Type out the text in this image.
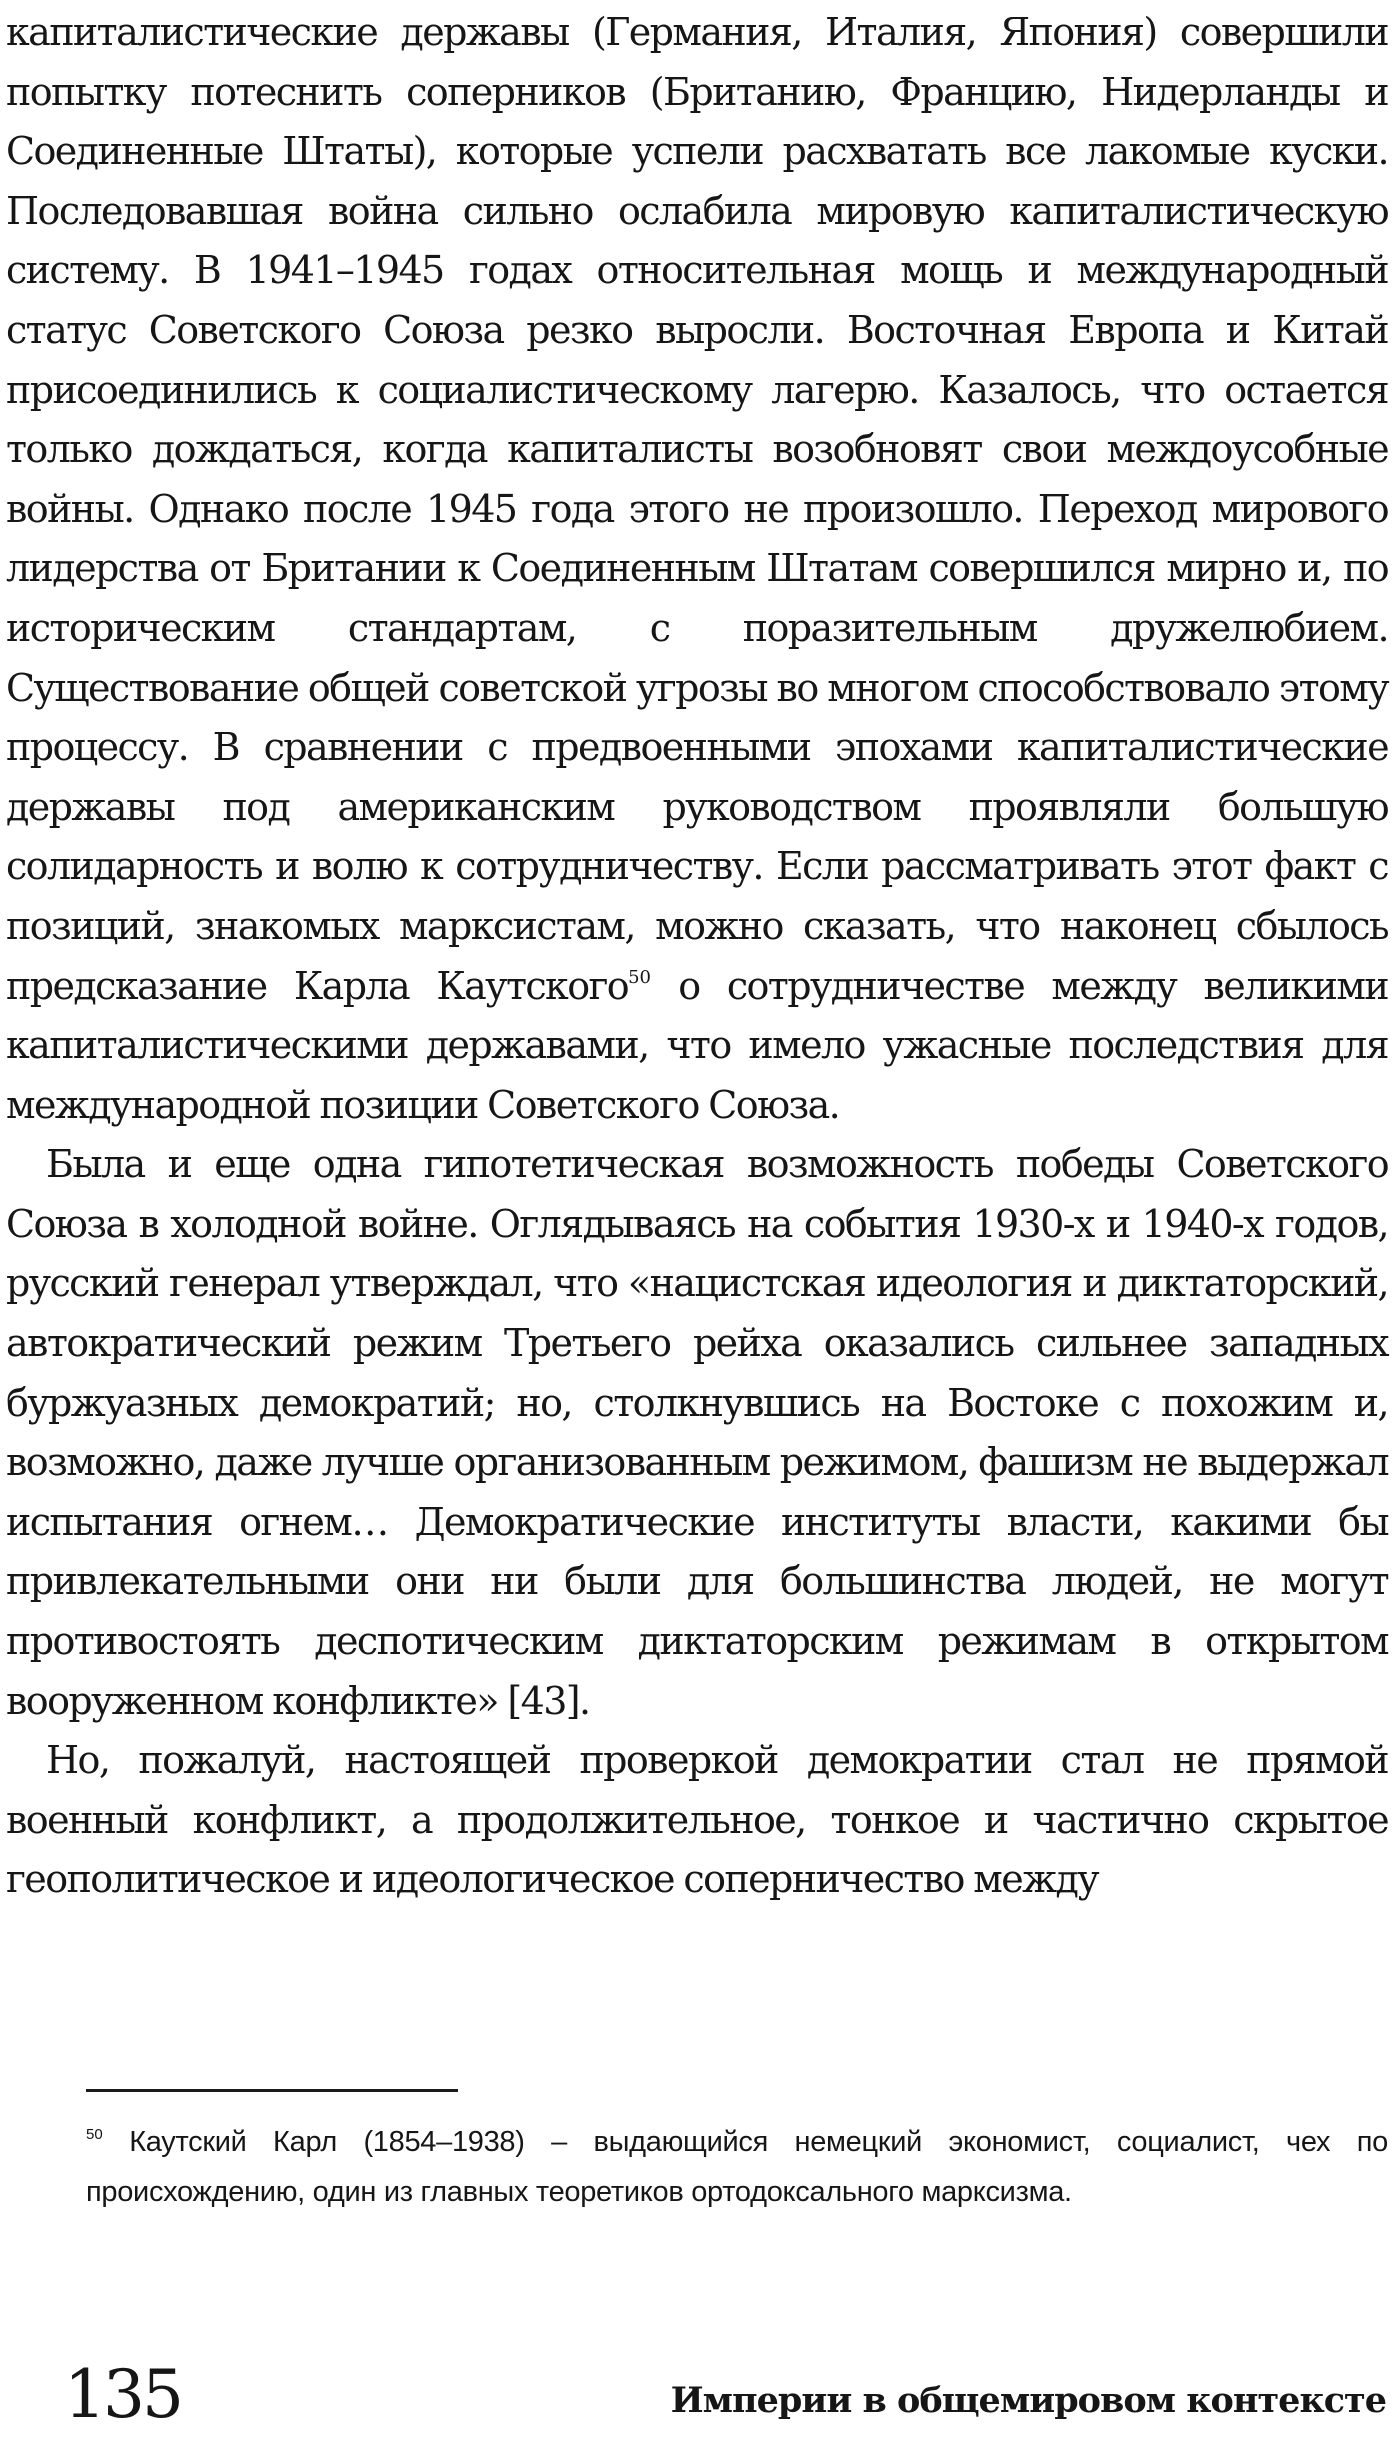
капиталистические державы (Германия, Италия, Япония) совершили попытку потеснить соперников (Британию, Францию, Нидерланды и Соединенные Штаты), которые успели расхватать все лакомые куски. Последовавшая война сильно ослабила мировую капиталистическую систему. В 1941–1945 годах относительная мощь и международный статус Советского Союза резко выросли. Восточная Европа и Китай присоединились к социалистическому лагерю. Казалось, что остается только дождаться, когда капиталисты возобновят свои междоусобные войны. Однако после 1945 года этого не произошло. Переход мирового лидерства от Британии к Соединенным Штатам совершился мирно и, по историческим стандартам, с поразительным дружелюбием. Существование общей советской угрозы во многом способствовало этому процессу. В сравнении с предвоенными эпохами капиталистические державы под американским руководством проявляли большую солидарность и волю к сотрудничеству. Если рассматривать этот факт с позиций, знакомых марксистам, можно сказать, что наконец сбылось предсказание Карла Каутского$^{50}$ о сотрудничестве между великими капиталистическими державами, что имело ужасные последствия для международной позиции Советского Союза.

Была и еще одна гипотетическая возможность победы Советского Союза в холодной войне. Оглядываясь на события 1930-х и 1940-х годов, русский генерал утверждал, что «нацистская идеология и диктаторский, автократический режим Третьего рейха оказались сильнее западных буржуазных демократий; но, столкнувшись на Востоке с похожим и, возможно, даже лучше организованным режимом, фашизм не выдержал испытания огнем… Демократические институты власти, какими бы привлекательными они ни были для большинства людей, не могут противостоять деспотическим диктаторским режимам в открытом вооруженном конфликте» [43].

Но, пожалуй, настоящей проверкой демократии стал не прямой военный конфликт, а продолжительное, тонкое и частично скрытое геополитическое и идеологическое соперничество между

$^{50}$ Каутский Карл (1854–1938) – выдающийся немецкий экономист, социалист, чех по происхождению, один из главных теоретиков ортодоксального марксизма.
135	Империи в общемировом контексте
